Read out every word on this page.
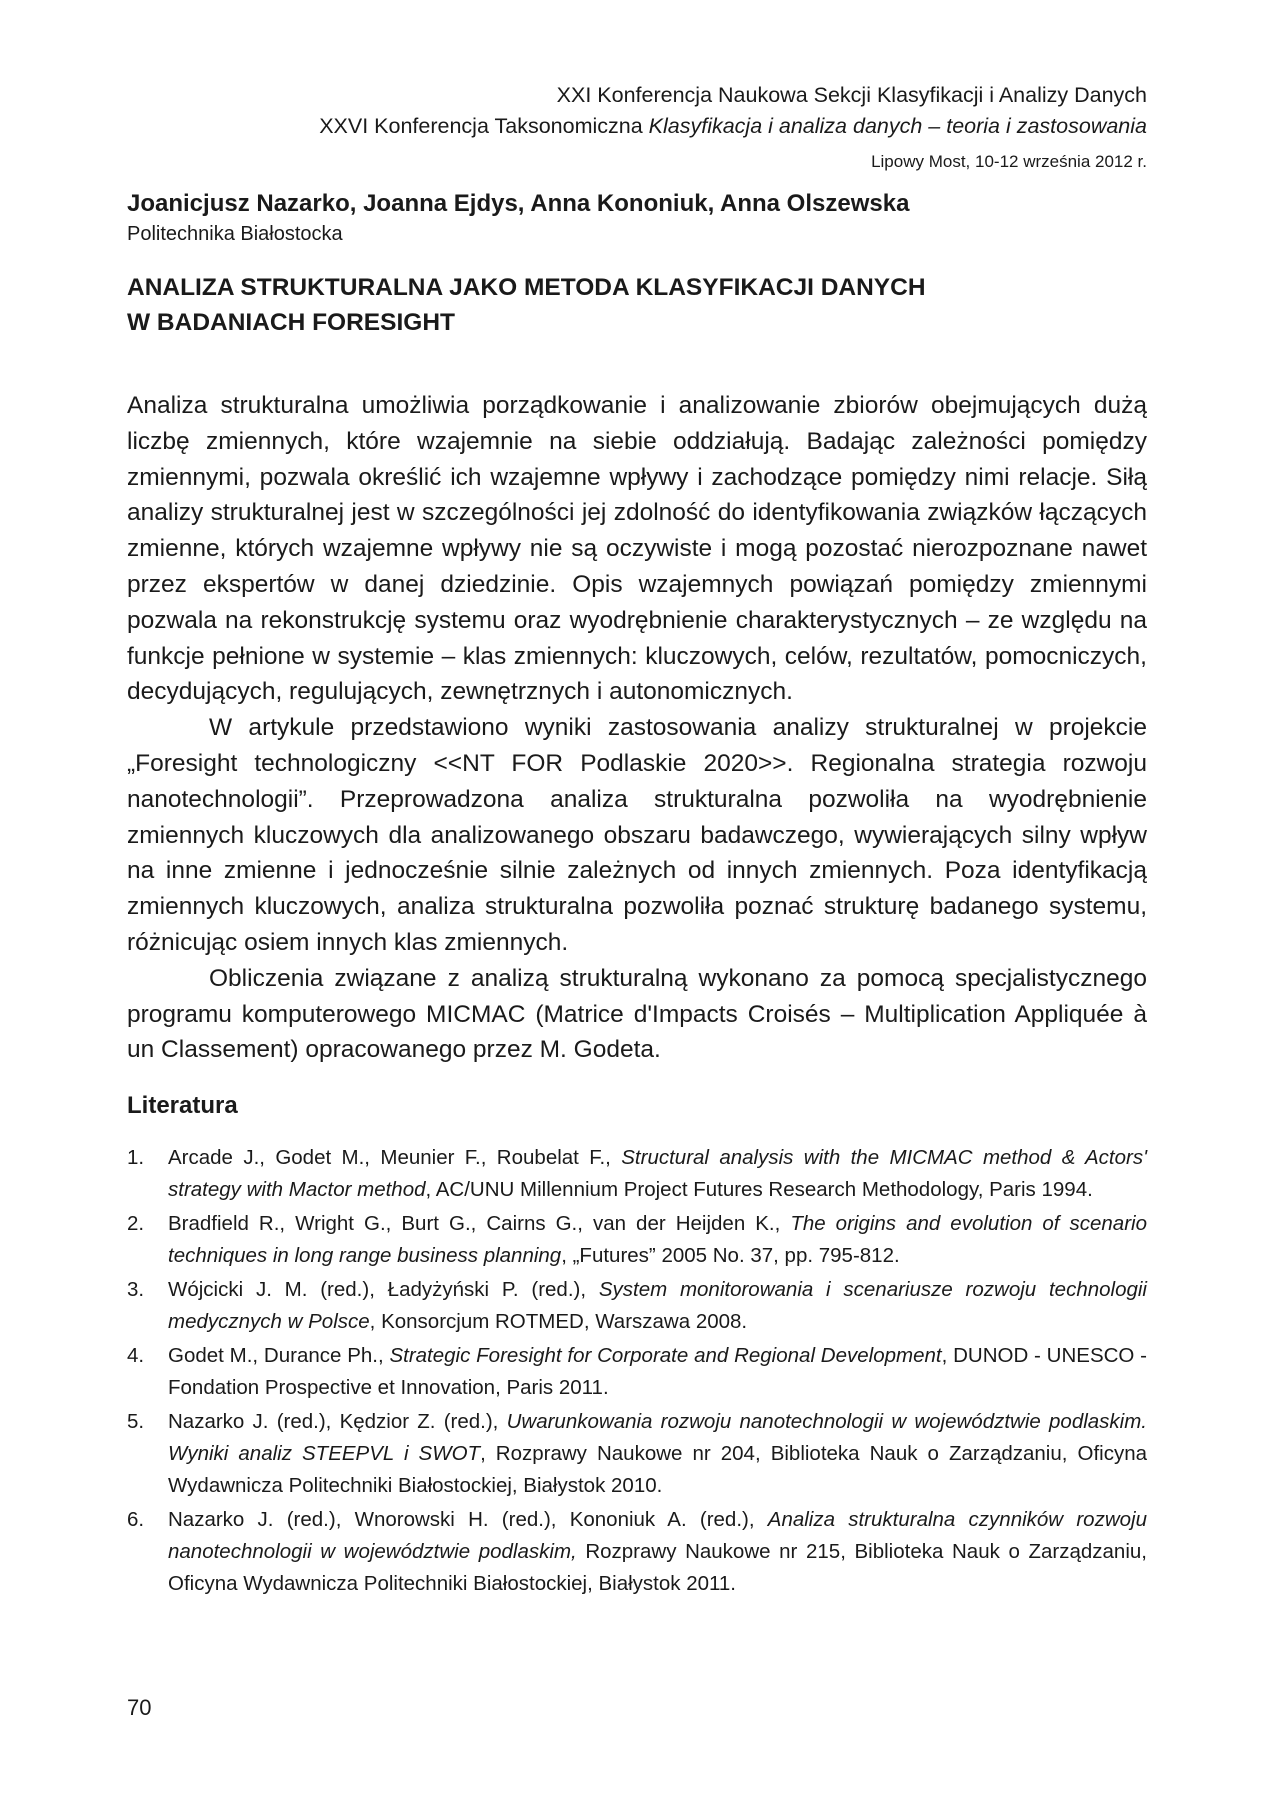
XXI Konferencja Naukowa Sekcji Klasyfikacji i Analizy Danych
XXVI Konferencja Taksonomiczna Klasyfikacja i analiza danych – teoria i zastosowania
Lipowy Most, 10-12 września 2012 r.
Joanicjusz Nazarko, Joanna Ejdys, Anna Kononiuk, Anna Olszewska
Politechnika Białostocka
ANALIZA STRUKTURALNA JAKO METODA KLASYFIKACJI DANYCH
W BADANIACH FORESIGHT

Analiza strukturalna umożliwia porządkowanie i analizowanie zbiorów obejmujących dużą liczbę zmiennych, które wzajemnie na siebie oddziałują. Badając zależności pomiędzy zmiennymi, pozwala określić ich wzajemne wpływy i zachodzące pomiędzy nimi relacje. Siłą analizy strukturalnej jest w szczególności jej zdolność do identyfikowania związków łączących zmienne, których wzajemne wpływy nie są oczywiste i mogą pozostać nierozpoznane nawet przez ekspertów w danej dziedzinie. Opis wzajemnych powiązań pomiędzy zmiennymi pozwala na rekonstrukcję systemu oraz wyodrębnienie charakterystycznych – ze względu na funkcje pełnione w systemie – klas zmiennych: kluczowych, celów, rezultatów, pomocniczych, decydujących, regulujących, zewnętrznych i autonomicznych.

W artykule przedstawiono wyniki zastosowania analizy strukturalnej w projekcie „Foresight technologiczny <<NT FOR Podlaskie 2020>>. Regionalna strategia rozwoju nanotechnologii”. Przeprowadzona analiza strukturalna pozwoliła na wyodrębnienie zmiennych kluczowych dla analizowanego obszaru badawczego, wywierających silny wpływ na inne zmienne i jednocześnie silnie zależnych od innych zmiennych. Poza identyfikacją zmiennych kluczowych, analiza strukturalna pozwoliła poznać strukturę badanego systemu, różnicując osiem innych klas zmiennych.

Obliczenia związane z analizą strukturalną wykonano za pomocą specjalistycznego programu komputerowego MICMAC (Matrice d'Impacts Croisés – Multiplication Appliquée à un Classement) opracowanego przez M. Godeta.

Literatura
1. Arcade J., Godet M., Meunier F., Roubelat F., Structural analysis with the MICMAC method & Actors' strategy with Mactor method, AC/UNU Millennium Project Futures Research Methodology, Paris 1994.
2. Bradfield R., Wright G., Burt G., Cairns G., van der Heijden K., The origins and evolution of scenario techniques in long range business planning, „Futures” 2005 No. 37, pp. 795-812.
3. Wójcicki J. M. (red.), Ładyżyński P. (red.), System monitorowania i scenariusze rozwoju technologii medycznych w Polsce, Konsorcjum ROTMED, Warszawa 2008.
4. Godet M., Durance Ph., Strategic Foresight for Corporate and Regional Development, DUNOD - UNESCO - Fondation Prospective et Innovation, Paris 2011.
5. Nazarko J. (red.), Kędzior Z. (red.), Uwarunkowania rozwoju nanotechnologii w województwie podlaskim. Wyniki analiz STEEPVL i SWOT, Rozprawy Naukowe nr 204, Biblioteka Nauk o Zarządzaniu, Oficyna Wydawnicza Politechniki Białostockiej, Białystok 2010.
6. Nazarko J. (red.), Wnorowski H. (red.), Kononiuk A. (red.), Analiza strukturalna czynników rozwoju nanotechnologii w województwie podlaskim, Rozprawy Naukowe nr 215, Biblioteka Nauk o Zarządzaniu, Oficyna Wydawnicza Politechniki Białostockiej, Białystok 2011.
70
